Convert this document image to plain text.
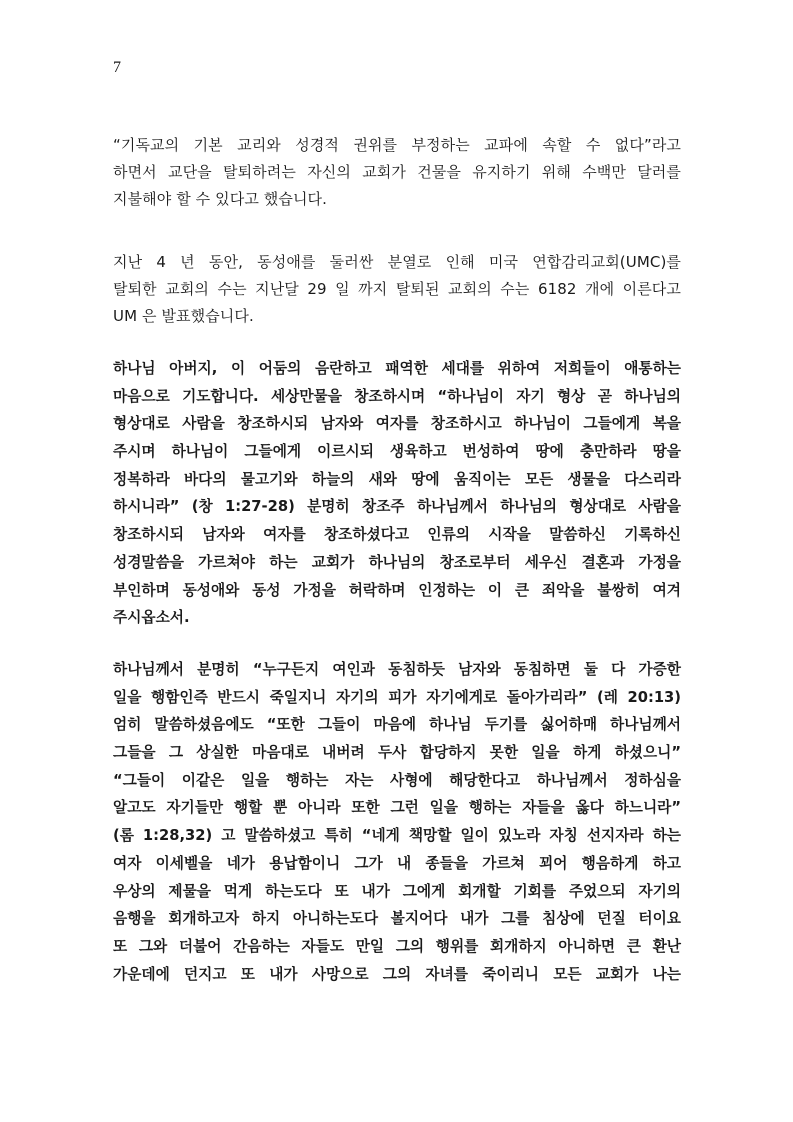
7
“기독교의 기본 교리와 성경적 권위를 부정하는 교파에 속할 수 없다”라고
하면서 교단을 탈퇴하려는 자신의 교회가 건물을 유지하기 위해 수백만 달러를
지불해야 할 수 있다고 했습니다.
지난 4 년 동안, 동성애를 둘러싼 분열로 인해 미국 연합감리교회(UMC)를
탈퇴한 교회의 수는 지난달 29 일 까지 탈퇴된 교회의 수는 6182 개에 이른다고
UM 은 발표했습니다.
하나님 아버지, 이 어둠의 음란하고 패역한 세대를 위하여 저희들이 애통하는
마음으로 기도합니다. 세상만물을 창조하시며 “하나님이 자기 형상 곧 하나님의
형상대로 사람을 창조하시되 남자와 여자를 창조하시고 하나님이 그들에게 복을
주시며 하나님이 그들에게 이르시되 생육하고 번성하여 땅에 충만하라 땅을
정복하라 바다의 물고기와 하늘의 새와 땅에 움직이는 모든 생물을 다스리라
하시니라” (창 1:27-28) 분명히 창조주 하나님께서 하나님의 형상대로 사람을
창조하시되 남자와 여자를 창조하셨다고 인류의 시작을 말씀하신 기록하신
성경말씀을 가르쳐야 하는 교회가 하나님의 창조로부터 세우신 결혼과 가정을
부인하며 동성애와 동성 가정을 허락하며 인정하는 이 큰 죄악을 불쌍히 여겨
주시옵소서.
하나님께서 분명히 “누구든지 여인과 동침하듯 남자와 동침하면 둘 다 가증한
일을 행함인즉 반드시 죽일지니 자기의 피가 자기에게로 돌아가리라” (레 20:13)
엄히 말씀하셨음에도 “또한 그들이 마음에 하나님 두기를 싫어하매 하나님께서
그들을 그 상실한 마음대로 내버려 두사 합당하지 못한 일을 하게 하셨으니”
“그들이 이같은 일을 행하는 자는 사형에 해당한다고 하나님께서 정하심을
알고도 자기들만 행할 뿐 아니라 또한 그런 일을 행하는 자들을 옳다 하느니라”
(롬 1:28,32) 고 말씀하셨고 특히 “네게 책망할 일이 있노라 자칭 선지자라 하는
여자 이세벨을 네가 용납함이니 그가 내 종들을 가르쳐 꾀어 행음하게 하고
우상의 제물을 먹게 하는도다 또 내가 그에게 회개할 기회를 주었으되 자기의
음행을 회개하고자 하지 아니하는도다 볼지어다 내가 그를 침상에 던질 터이요
또 그와 더불어 간음하는 자들도 만일 그의 행위를 회개하지 아니하면 큰 환난
가운데에 던지고 또 내가 사망으로 그의 자녀를 죽이리니 모든 교회가 나는
